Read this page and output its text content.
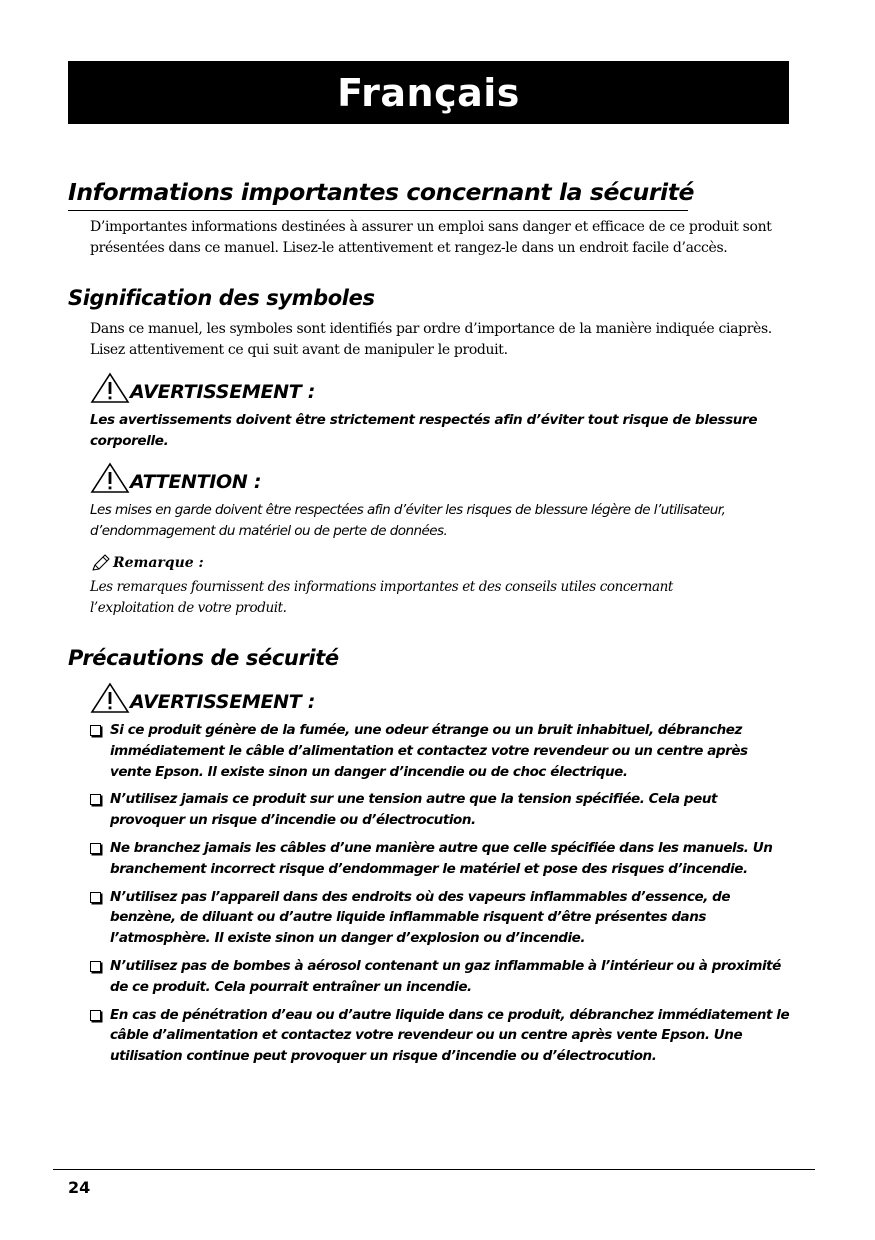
Français
Informations importantes concernant la sécurité
D’importantes informations destinées à assurer un emploi sans danger et efficace de ce produit sont présentées dans ce manuel. Lisez-le attentivement et rangez-le dans un endroit facile d’accès.
Signification des symboles
Dans ce manuel, les symboles sont identifiés par ordre d’importance de la manière indiquée ciaprès. Lisez attentivement ce qui suit avant de manipuler le produit.
AVERTISSEMENT :
Les avertissements doivent être strictement respectés afin d’éviter tout risque de blessure corporelle.
ATTENTION :
Les mises en garde doivent être respectées afin d’éviter les risques de blessure légère de l’utilisateur, d’endommagement du matériel ou de perte de données.
Remarque :
Les remarques fournissent des informations importantes et des conseils utiles concernant l’exploitation de votre produit.
Précautions de sécurité
AVERTISSEMENT :
Si ce produit génère de la fumée, une odeur étrange ou un bruit inhabituel, débranchez immédiatement le câble d’alimentation et contactez votre revendeur ou un centre après vente Epson. Il existe sinon un danger d’incendie ou de choc électrique.
N’utilisez jamais ce produit sur une tension autre que la tension spécifiée. Cela peut provoquer un risque d’incendie ou d’électrocution.
Ne branchez jamais les câbles d’une manière autre que celle spécifiée dans les manuels. Un branchement incorrect risque d’endommager le matériel et pose des risques d’incendie.
N’utilisez pas l’appareil dans des endroits où des vapeurs inflammables d’essence, de benzène, de diluant ou d’autre liquide inflammable risquent d’être présentes dans l’atmosphère. Il existe sinon un danger d’explosion ou d’incendie.
N’utilisez pas de bombes à aérosol contenant un gaz inflammable à l’intérieur ou à proximité de ce produit. Cela pourrait entraîner un incendie.
En cas de pénétration d’eau ou d’autre liquide dans ce produit, débranchez immédiatement le câble d’alimentation et contactez votre revendeur ou un centre après vente Epson. Une utilisation continue peut provoquer un risque d’incendie ou d’électrocution.
24
